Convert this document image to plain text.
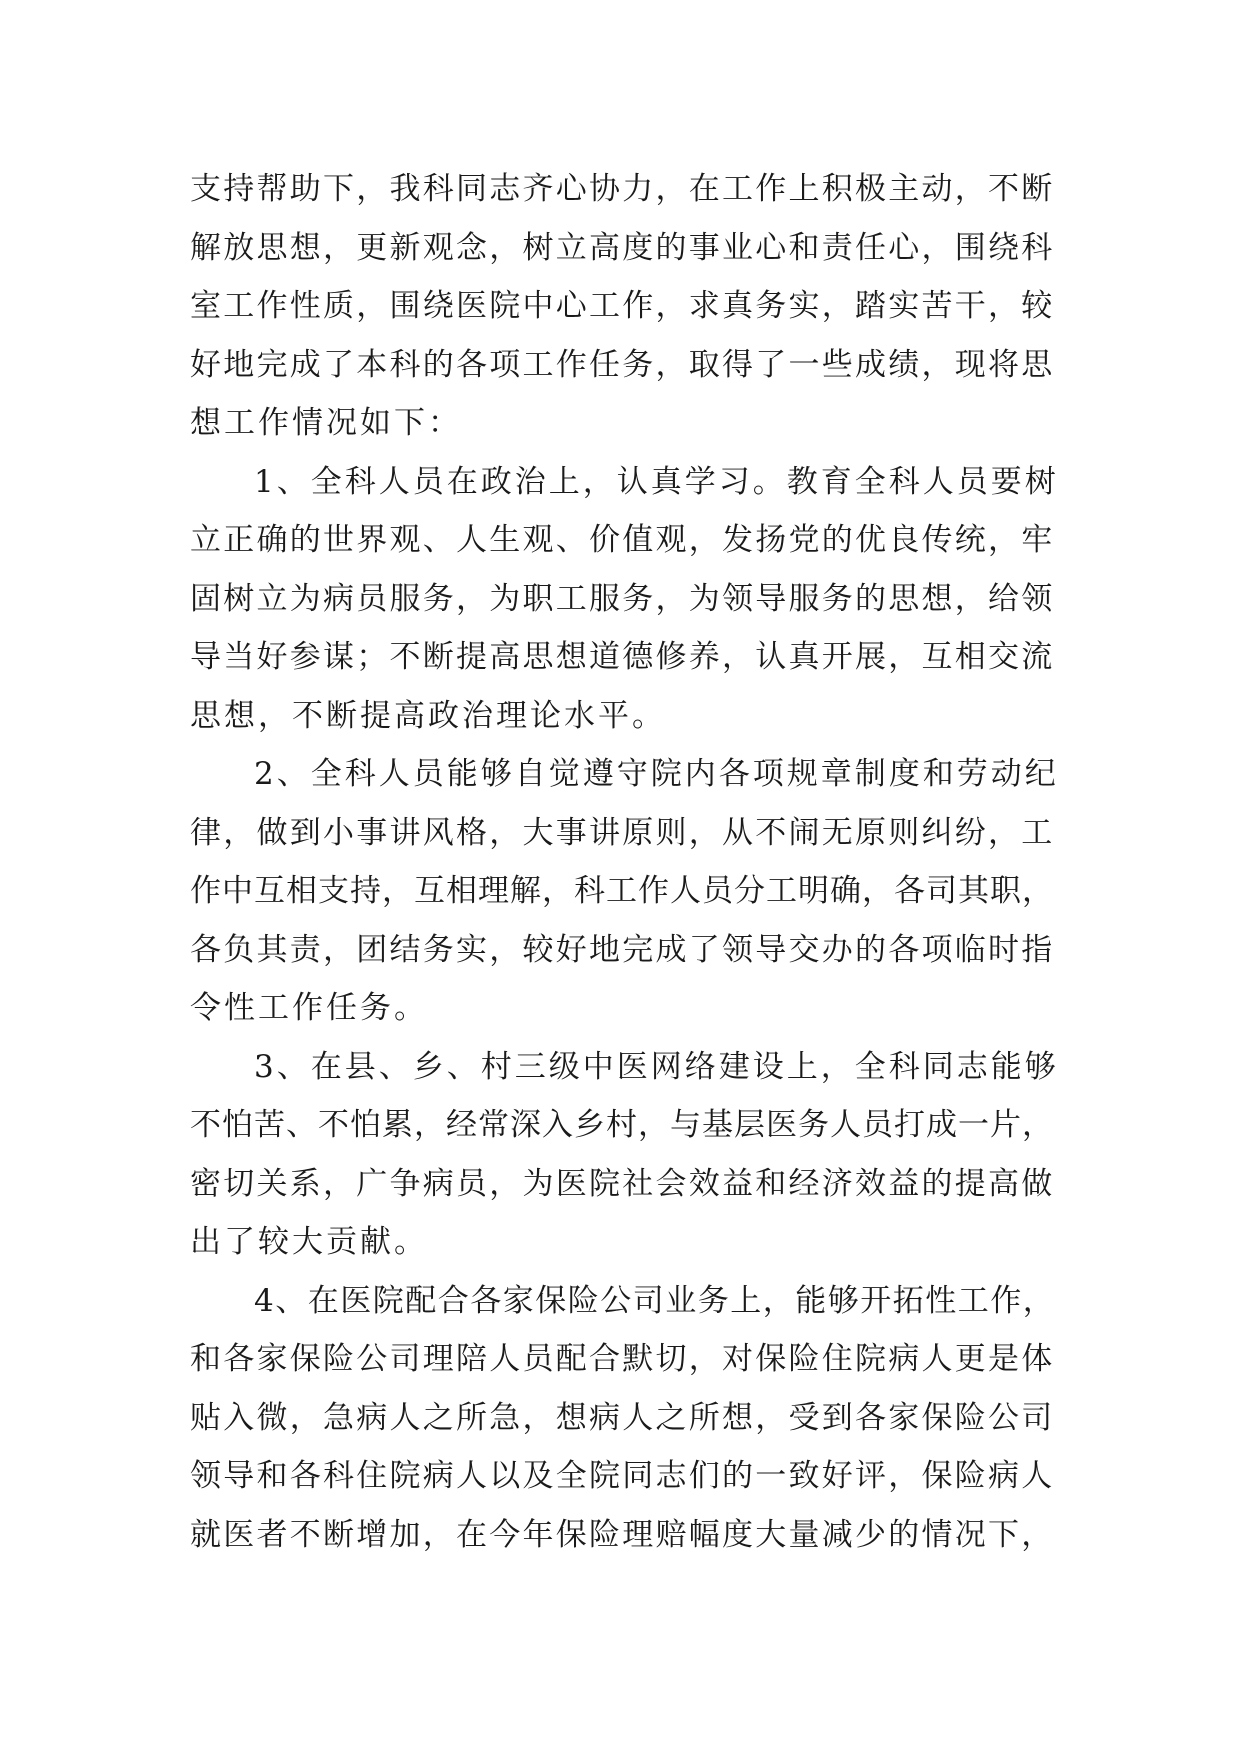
支持帮助下，我科同志齐心协力，在工作上积极主动，不断
解放思想，更新观念，树立高度的事业心和责任心，围绕科
室工作性质，围绕医院中心工作，求真务实，踏实苦干，较
好地完成了本科的各项工作任务，取得了一些成绩，现将思
想工作情况如下：
1、全科人员在政治上，认真学习。教育全科人员要树
立正确的世界观、人生观、价值观，发扬党的优良传统，牢
固树立为病员服务，为职工服务，为领导服务的思想，给领
导当好参谋；不断提高思想道德修养，认真开展，互相交流
思想，不断提高政治理论水平。
2、全科人员能够自觉遵守院内各项规章制度和劳动纪
律，做到小事讲风格，大事讲原则，从不闹无原则纠纷，工
作中互相支持，互相理解，科工作人员分工明确，各司其职，
各负其责，团结务实，较好地完成了领导交办的各项临时指
令性工作任务。
3、在县、乡、村三级中医网络建设上，全科同志能够
不怕苦、不怕累，经常深入乡村，与基层医务人员打成一片，
密切关系，广争病员，为医院社会效益和经济效益的提高做
出了较大贡献。
4、在医院配合各家保险公司业务上，能够开拓性工作，
和各家保险公司理陪人员配合默切，对保险住院病人更是体
贴入微，急病人之所急，想病人之所想，受到各家保险公司
领导和各科住院病人以及全院同志们的一致好评，保险病人
就医者不断增加，在今年保险理赔幅度大量减少的情况下，
